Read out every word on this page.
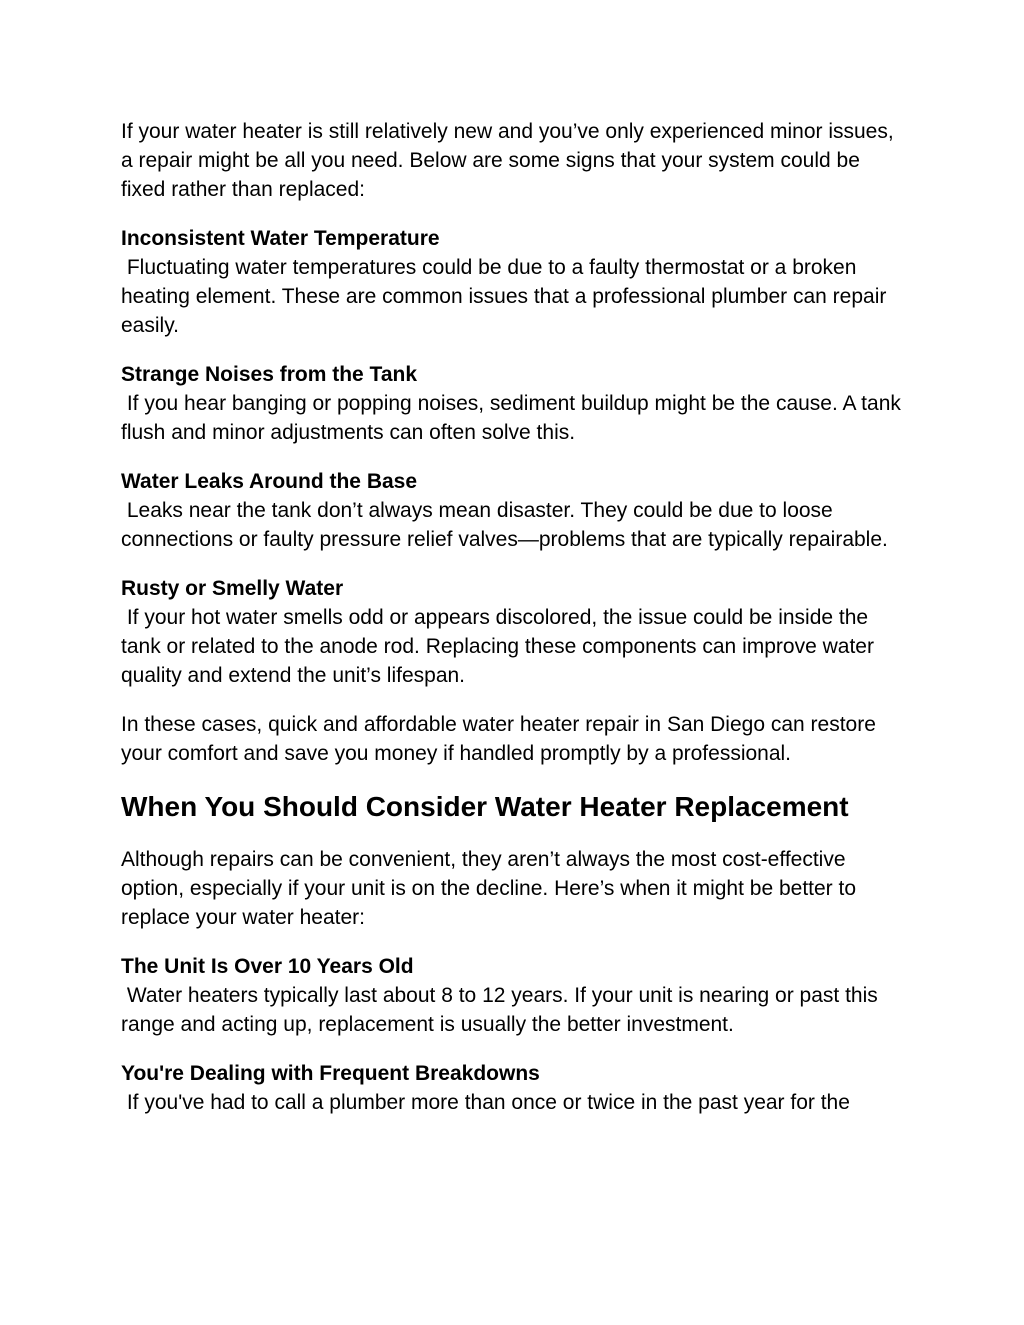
If your water heater is still relatively new and you’ve only experienced minor issues, a repair might be all you need. Below are some signs that your system could be fixed rather than replaced:

Inconsistent Water Temperature
Fluctuating water temperatures could be due to a faulty thermostat or a broken heating element. These are common issues that a professional plumber can repair easily.

Strange Noises from the Tank
If you hear banging or popping noises, sediment buildup might be the cause. A tank flush and minor adjustments can often solve this.

Water Leaks Around the Base
Leaks near the tank don’t always mean disaster. They could be due to loose connections or faulty pressure relief valves—problems that are typically repairable.

Rusty or Smelly Water
If your hot water smells odd or appears discolored, the issue could be inside the tank or related to the anode rod. Replacing these components can improve water quality and extend the unit’s lifespan.

In these cases, quick and affordable water heater repair in San Diego can restore your comfort and save you money if handled promptly by a professional.

When You Should Consider Water Heater Replacement

Although repairs can be convenient, they aren’t always the most cost-effective option, especially if your unit is on the decline. Here’s when it might be better to replace your water heater:

The Unit Is Over 10 Years Old
Water heaters typically last about 8 to 12 years. If your unit is nearing or past this range and acting up, replacement is usually the better investment.

You're Dealing with Frequent Breakdowns
If you've had to call a plumber more than once or twice in the past year for the
